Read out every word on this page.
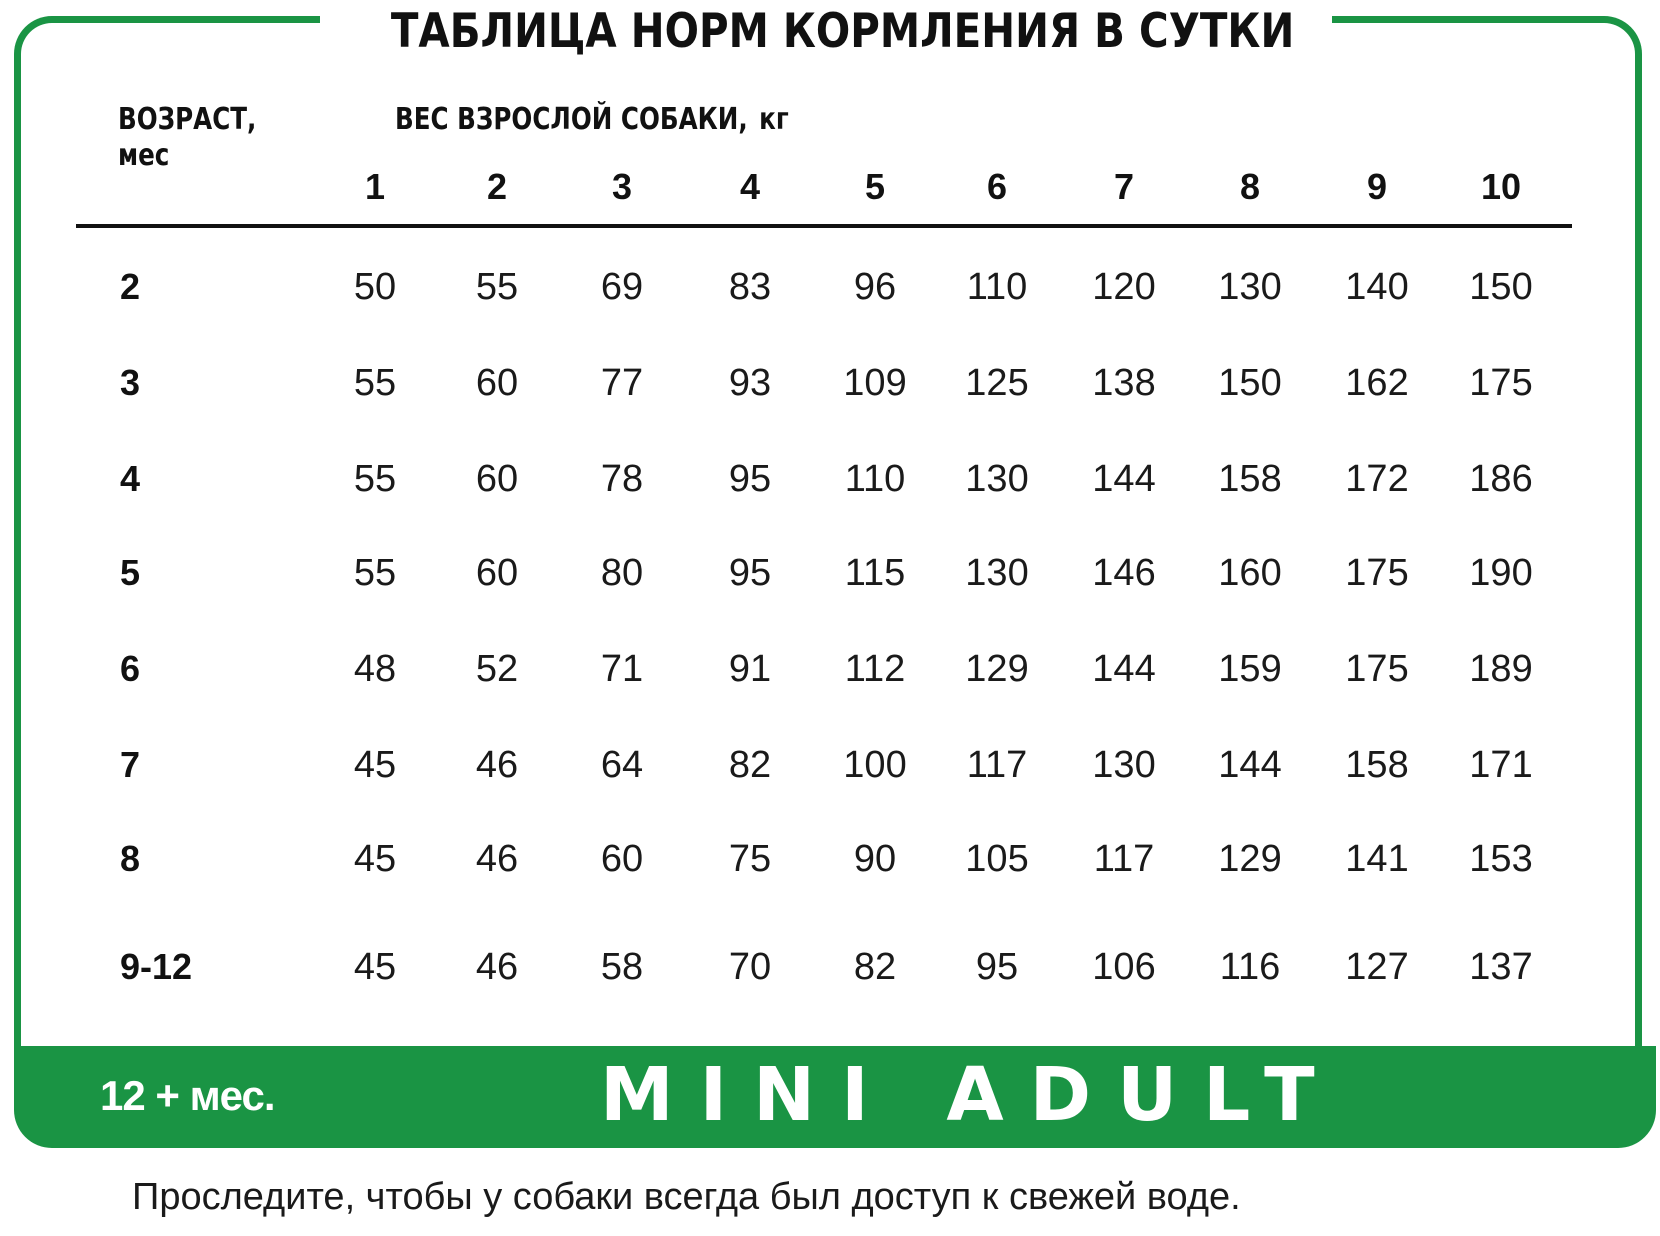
ТАБЛИЦА НОРМ КОРМЛЕНИЯ В СУТКИ
ВОЗРАСТ,
мес
ВЕС ВЗРОСЛОЙ СОБАКИ, кг
1	2	3	4	5	6	7	8	9	10
2	50	55	69	83	96	110	120	130	140	150
3	55	60	77	93	109	125	138	150	162	175
4	55	60	78	95	110	130	144	158	172	186
5	55	60	80	95	115	130	146	160	175	190
6	48	52	71	91	112	129	144	159	175	189
7	45	46	64	82	100	117	130	144	158	171
8	45	46	60	75	90	105	117	129	141	153
9-12	45	46	58	70	82	95	106	116	127	137
12 + мес.	MINI ADULT
Проследите, чтобы у собаки всегда был доступ к свежей воде.
